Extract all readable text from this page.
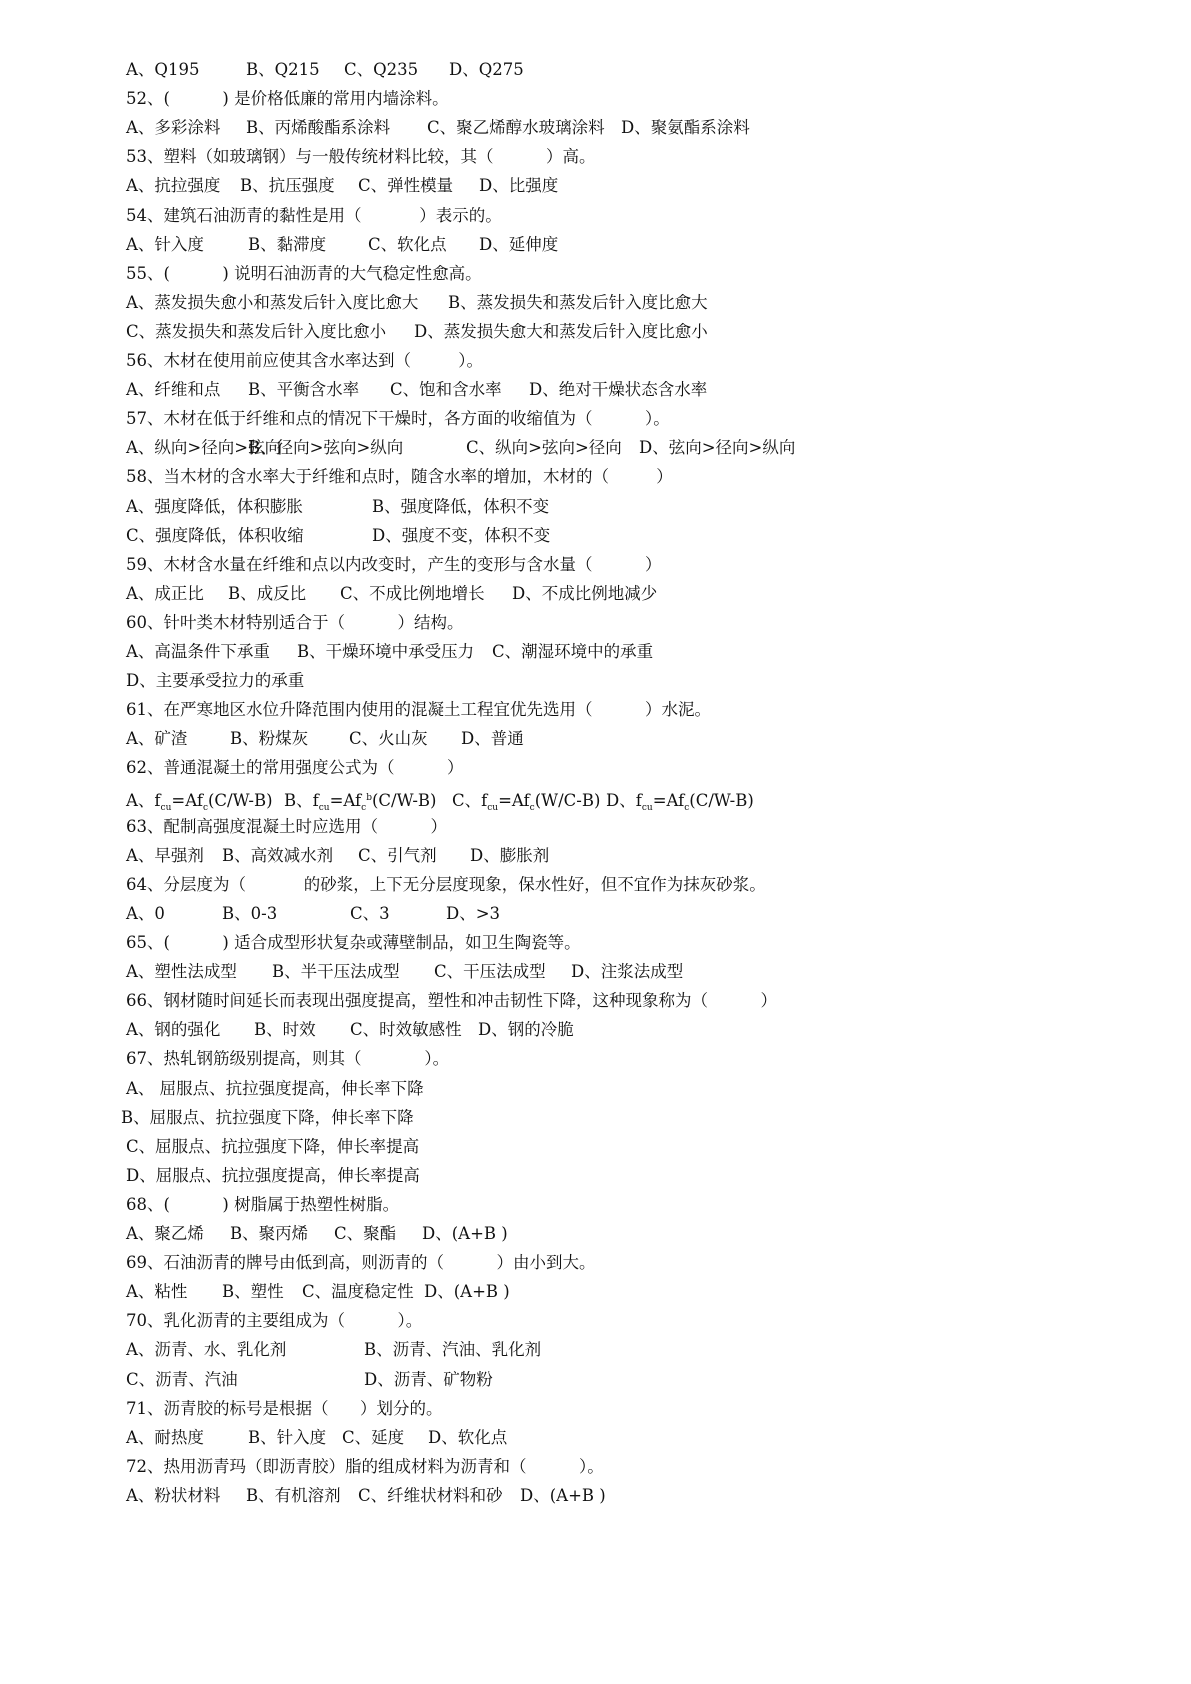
A、Q195	B、Q215 C、Q235 D、Q275
52、(          ) 是价格低廉的常用内墙涂料。
A、多彩涂料 B、丙烯酸酯系涂料 C、聚乙烯醇水玻璃涂料 D、聚氨酯系涂料
53、塑料（如玻璃钢）与一般传统材料比较，其（          ）高。
A、抗拉强度 B、抗压强度 C、弹性模量 D、比强度
54、建筑石油沥青的黏性是用（           ）表示的。
A、针入度	B、黏滞度	C、软化点 D、延伸度
55、(          ) 说明石油沥青的大气稳定性愈高。
A、蒸发损失愈小和蒸发后针入度比愈大 B、蒸发损失和蒸发后针入度比愈大
C、蒸发损失和蒸发后针入度比愈小 D、蒸发损失愈大和蒸发后针入度比愈小
56、木材在使用前应使其含水率达到（         ）。
A、纤维和点 B、平衡含水率 C、饱和含水率 D、绝对干燥状态含水率
57、木材在低于纤维和点的情况下干燥时，各方面的收缩值为（          ）。
A、纵向>径向>弦向
B、径向>弦向>纵向	C、纵向>弦向>径向 D、弦向>径向>纵向
58、当木材的含水率大于纤维和点时，随含水率的增加，木材的（         ）
A、强度降低，体积膨胀	B、强度降低，体积不变
C、强度降低，体积收缩	D、强度不变，体积不变
59、木材含水量在纤维和点以内改变时，产生的变形与含水量（          ）
A、成正比 B、成反比 C、不成比例地增长 D、不成比例地减少
60、针叶类木材特别适合于（          ）结构。
A、高温条件下承重 B、干燥环境中承受压力 C、潮湿环境中的承重
D、主要承受拉力的承重
61、在严寒地区水位升降范围内使用的混凝土工程宜优先选用（          ）水泥。
A、矿渣	B、粉煤灰 C、火山灰 D、普通
62、普通混凝土的常用强度公式为（          ）
A、$f_{cu}=Af_c(C/W-B)$ B、$f_{cu}=Af_c^b(C/W-B)$ C、$f_{cu}=Af_c(W/C-B)$ D、$f_{cu}=Af_c(C/W-B)$
63、配制高强度混凝土时应选用（          ）
A、早强剂 B、高效减水剂 C、引气剂 D、膨胀剂
64、分层度为（           的砂浆，上下无分层度现象，保水性好，但不宜作为抹灰砂浆。
A、0	B、0-3	C、3	D、>3
65、(          ) 适合成型形状复杂或薄壁制品，如卫生陶瓷等。
A、塑性法成型 B、半干压法成型 C、干压法成型 D、注浆法成型
66、钢材随时间延长而表现出强度提高，塑性和冲击韧性下降，这种现象称为（          ）
A、钢的强化 B、时效 C、时效敏感性 D、钢的冷脆
67、热轧钢筋级别提高，则其（            ）。
A、 屈服点、抗拉强度提高，伸长率下降
B、屈服点、抗拉强度下降，伸长率下降
C、屈服点、抗拉强度下降，伸长率提高
D、屈服点、抗拉强度提高，伸长率提高
68、(          ) 树脂属于热塑性树脂。
A、聚乙烯 B、聚丙烯 C、聚酯 D、(A+B )
69、石油沥青的牌号由低到高，则沥青的（          ）由小到大。
A、粘性 B、塑性 C、温度稳定性 D、(A+B )
70、乳化沥青的主要组成为（          ）。
A、沥青、水、乳化剂	B、沥青、汽油、乳化剂
C、沥青、汽油	D、沥青、矿物粉
71、沥青胶的标号是根据（      ）划分的。
A、耐热度	B、针入度 C、延度 D、软化点
72、热用沥青玛（即沥青胶）脂的组成材料为沥青和（          ）。
A、粉状材料 B、有机溶剂 C、纤维状材料和砂 D、(A+B )
